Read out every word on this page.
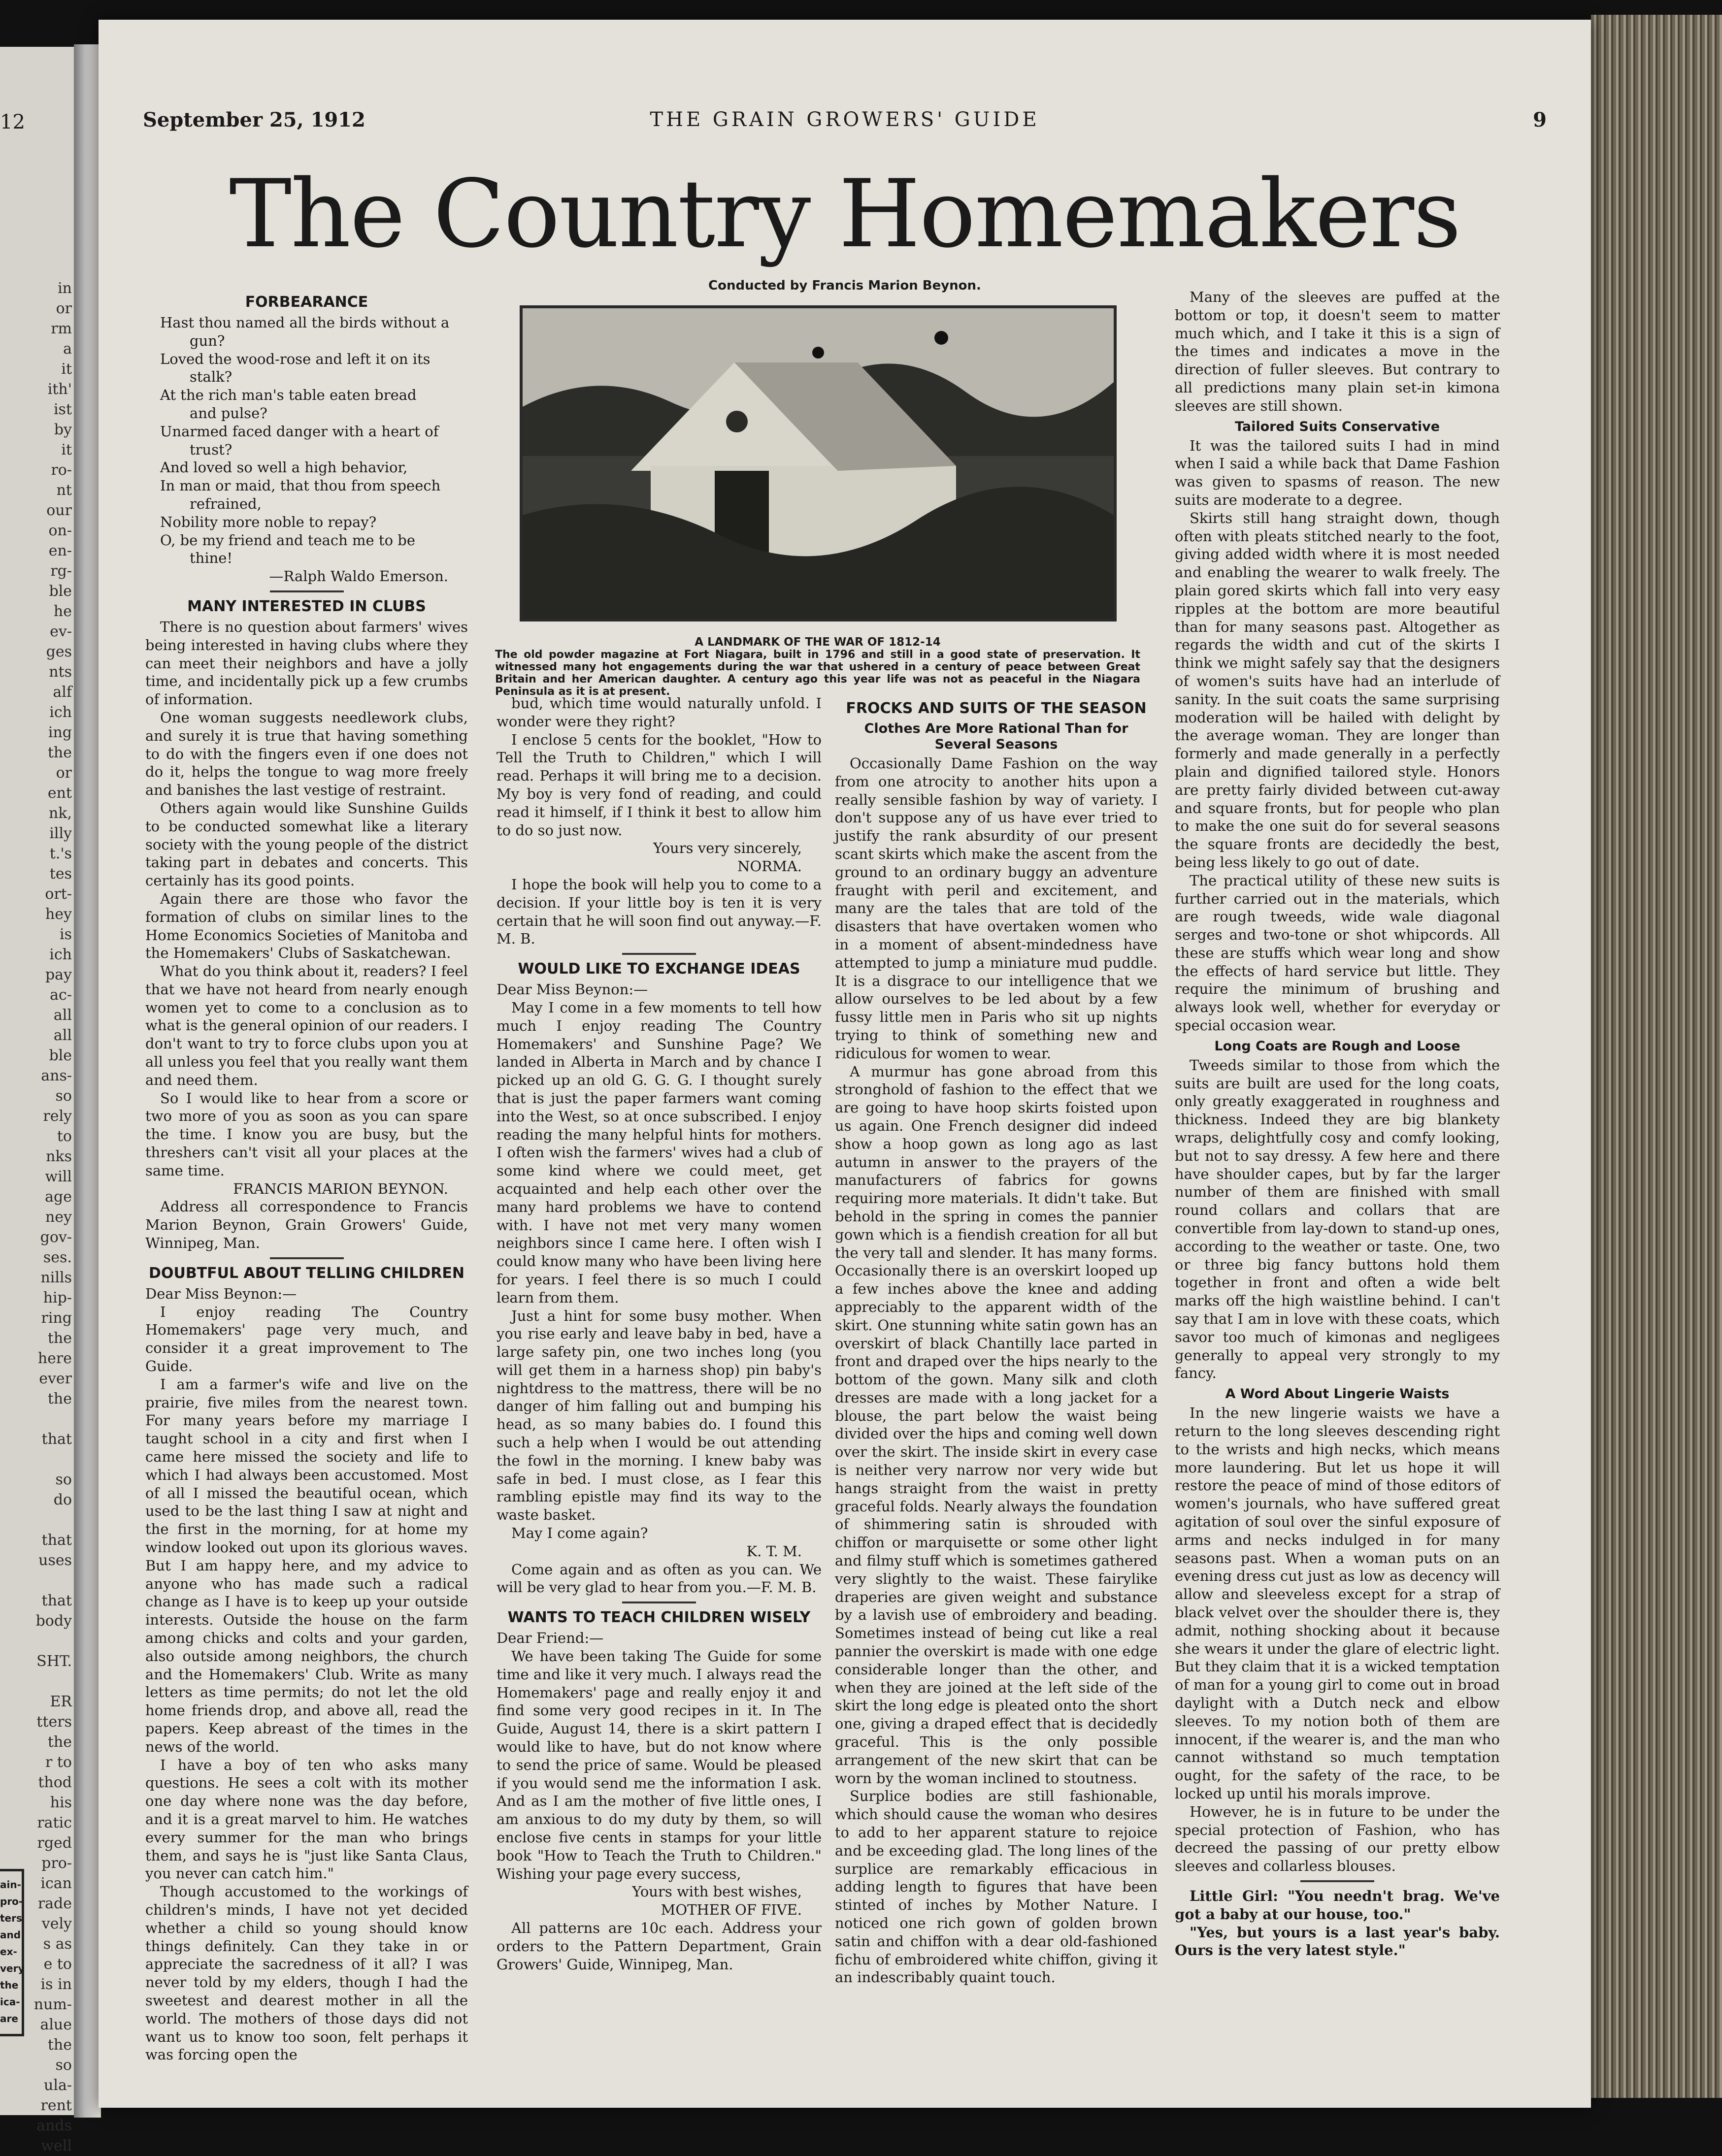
12
in
or
rm
a
it
ith'
ist
by
it
ro-
nt
our
on-
en-
rg-
ble
he
ev-
ges
nts
alf
ich
ing
the
or
ent
nk,
illy
t.'s
tes
ort-
hey
is
ich
pay
ac-
all
all
ble
ans-
so
rely
to
nks
will
age
ney
gov-
ses.
nills
hip-
ring
the
here
ever
the

that

so
do

that
uses

that
body

SHT.

ER
tters
the
r to
thod
his
ratic
rged
pro-
ican
rade
vely
s as
e to
is in
num-
alue
the
so
ula-
rent
ands
well
ain-
pro-
ters
and
ex-
very
the
ica-
are
THE GRAIN GROWERS' GUIDE
September 25, 1912	9
The Country Homemakers
Conducted by Francis Marion Beynon.
FORBEARANCE

Hast thou named all the birds without a

gun?

Loved the wood-rose and left it on its

stalk?

At the rich man's table eaten bread

and pulse?

Unarmed faced danger with a heart of

trust?

And loved so well a high behavior,

In man or maid, that thou from speech

refrained,

Nobility more noble to repay?

O, be my friend and teach me to be

thine!

—Ralph Waldo Emerson.

MANY INTERESTED IN CLUBS

There is no question about farmers' wives being interested in having clubs where they can meet their neighbors and have a jolly time, and incidentally pick up a few crumbs of information.

One woman suggests needlework clubs, and surely it is true that having something to do with the fingers even if one does not do it, helps the tongue to wag more freely and banishes the last vestige of restraint.

Others again would like Sunshine Guilds to be conducted somewhat like a literary society with the young people of the district taking part in debates and concerts. This certainly has its good points.

Again there are those who favor the formation of clubs on similar lines to the Home Economics Societies of Manitoba and the Homemakers' Clubs of Saskatchewan.

What do you think about it, readers? I feel that we have not heard from nearly enough women yet to come to a conclusion as to what is the general opinion of our readers. I don't want to try to force clubs upon you at all unless you feel that you really want them and need them.

So I would like to hear from a score or two more of you as soon as you can spare the time. I know you are busy, but the threshers can't visit all your places at the same time.

FRANCIS MARION BEYNON.

Address all correspondence to Francis Marion Beynon, Grain Growers' Guide, Winnipeg, Man.

DOUBTFUL ABOUT TELLING CHILDREN

Dear Miss Beynon:—

I enjoy reading The Country Homemakers' page very much, and consider it a great improvement to The Guide.

I am a farmer's wife and live on the prairie, five miles from the nearest town. For many years before my marriage I taught school in a city and first when I came here missed the society and life to which I had always been accustomed. Most of all I missed the beautiful ocean, which used to be the last thing I saw at night and the first in the morning, for at home my window looked out upon its glorious waves. But I am happy here, and my advice to anyone who has made such a radical change as I have is to keep up your outside interests. Outside the house on the farm among chicks and colts and your garden, also outside among neighbors, the church and the Homemakers' Club. Write as many letters as time permits; do not let the old home friends drop, and above all, read the papers. Keep abreast of the times in the news of the world.

I have a boy of ten who asks many questions. He sees a colt with its mother one day where none was the day before, and it is a great marvel to him. He watches every summer for the man who brings them, and says he is "just like Santa Claus, you never can catch him."

Though accustomed to the workings of children's minds, I have not yet decided whether a child so young should know things definitely. Can they take in or appreciate the sacredness of it all? I was never told by my elders, though I had the sweetest and dearest mother in all the world. The mothers of those days did not want us to know too soon, felt perhaps it was forcing open the

A LANDMARK OF THE WAR OF 1812-14
The old powder magazine at Fort Niagara, built in 1796 and still in a good state of preservation. It witnessed many hot engagements during the war that ushered in a century of peace between Great Britain and her American daughter. A century ago this year life was not as peaceful in the Niagara Peninsula as it is at present.

bud, which time would naturally unfold. I wonder were they right?

I enclose 5 cents for the booklet, "How to Tell the Truth to Children," which I will read. Perhaps it will bring me to a decision. My boy is very fond of reading, and could read it himself, if I think it best to allow him to do so just now.

Yours very sincerely,

NORMA.

I hope the book will help you to come to a decision. If your little boy is ten it is very certain that he will soon find out anyway.—F. M. B.

WOULD LIKE TO EXCHANGE IDEAS

Dear Miss Beynon:—

May I come in a few moments to tell how much I enjoy reading The Country Homemakers' and Sunshine Page? We landed in Alberta in March and by chance I picked up an old G. G. G. I thought surely that is just the paper farmers want coming into the West, so at once subscribed. I enjoy reading the many helpful hints for mothers. I often wish the farmers' wives had a club of some kind where we could meet, get acquainted and help each other over the many hard problems we have to contend with. I have not met very many women neighbors since I came here. I often wish I could know many who have been living here for years. I feel there is so much I could learn from them.

Just a hint for some busy mother. When you rise early and leave baby in bed, have a large safety pin, one two inches long (you will get them in a harness shop) pin baby's nightdress to the mattress, there will be no danger of him falling out and bumping his head, as so many babies do. I found this such a help when I would be out attending the fowl in the morning. I knew baby was safe in bed. I must close, as I fear this rambling epistle may find its way to the waste basket.

May I come again?

K. T. M.

Come again and as often as you can. We will be very glad to hear from you.—F. M. B.

WANTS TO TEACH CHILDREN WISELY

Dear Friend:—

We have been taking The Guide for some time and like it very much. I always read the Homemakers' page and really enjoy it and find some very good recipes in it. In The Guide, August 14, there is a skirt pattern I would like to have, but do not know where to send the price of same. Would be pleased if you would send me the information I ask. And as I am the mother of five little ones, I am anxious to do my duty by them, so will enclose five cents in stamps for your little book "How to Teach the Truth to Children." Wishing your page every success,

Yours with best wishes,

MOTHER OF FIVE.

All patterns are 10c each. Address your orders to the Pattern Department, Grain Growers' Guide, Winnipeg, Man.

FROCKS AND SUITS OF THE SEASON
Clothes Are More Rational Than for Several Seasons

Occasionally Dame Fashion on the way from one atrocity to another hits upon a really sensible fashion by way of variety. I don't suppose any of us have ever tried to justify the rank absurdity of our present scant skirts which make the ascent from the ground to an ordinary buggy an adventure fraught with peril and excitement, and many are the tales that are told of the disasters that have overtaken women who in a moment of absent-mindedness have attempted to jump a miniature mud puddle. It is a disgrace to our intelligence that we allow ourselves to be led about by a few fussy little men in Paris who sit up nights trying to think of something new and ridiculous for women to wear.

A murmur has gone abroad from this stronghold of fashion to the effect that we are going to have hoop skirts foisted upon us again. One French designer did indeed show a hoop gown as long ago as last autumn in answer to the prayers of the manufacturers of fabrics for gowns requiring more materials. It didn't take. But behold in the spring in comes the pannier gown which is a fiendish creation for all but the very tall and slender. It has many forms. Occasionally there is an overskirt looped up a few inches above the knee and adding appreciably to the apparent width of the skirt. One stunning white satin gown has an overskirt of black Chantilly lace parted in front and draped over the hips nearly to the bottom of the gown. Many silk and cloth dresses are made with a long jacket for a blouse, the part below the waist being divided over the hips and coming well down over the skirt. The inside skirt in every case is neither very narrow nor very wide but hangs straight from the waist in pretty graceful folds. Nearly always the foundation of shimmering satin is shrouded with chiffon or marquisette or some other light and filmy stuff which is sometimes gathered very slightly to the waist. These fairylike draperies are given weight and substance by a lavish use of embroidery and beading. Sometimes instead of being cut like a real pannier the overskirt is made with one edge considerable longer than the other, and when they are joined at the left side of the skirt the long edge is pleated onto the short one, giving a draped effect that is decidedly graceful. This is the only possible arrangement of the new skirt that can be worn by the woman inclined to stoutness.

Surplice bodies are still fashionable, which should cause the woman who desires to add to her apparent stature to rejoice and be exceeding glad. The long lines of the surplice are remarkably efficacious in adding length to figures that have been stinted of inches by Mother Nature. I noticed one rich gown of golden brown satin and chiffon with a dear old-fashioned fichu of embroidered white chiffon, giving it an indescribably quaint touch.

Many of the sleeves are puffed at the bottom or top, it doesn't seem to matter much which, and I take it this is a sign of the times and indicates a move in the direction of fuller sleeves. But contrary to all predictions many plain set-in kimona sleeves are still shown.

Tailored Suits Conservative

It was the tailored suits I had in mind when I said a while back that Dame Fashion was given to spasms of reason. The new suits are moderate to a degree.

Skirts still hang straight down, though often with pleats stitched nearly to the foot, giving added width where it is most needed and enabling the wearer to walk freely. The plain gored skirts which fall into very easy ripples at the bottom are more beautiful than for many seasons past. Altogether as regards the width and cut of the skirts I think we might safely say that the designers of women's suits have had an interlude of sanity. In the suit coats the same surprising moderation will be hailed with delight by the average woman. They are longer than formerly and made generally in a perfectly plain and dignified tailored style. Honors are pretty fairly divided between cut-away and square fronts, but for people who plan to make the one suit do for several seasons the square fronts are decidedly the best, being less likely to go out of date.

The practical utility of these new suits is further carried out in the materials, which are rough tweeds, wide wale diagonal serges and two-tone or shot whipcords. All these are stuffs which wear long and show the effects of hard service but little. They require the minimum of brushing and always look well, whether for everyday or special occasion wear.

Long Coats are Rough and Loose

Tweeds similar to those from which the suits are built are used for the long coats, only greatly exaggerated in roughness and thickness. Indeed they are big blankety wraps, delightfully cosy and comfy looking, but not to say dressy. A few here and there have shoulder capes, but by far the larger number of them are finished with small round collars and collars that are convertible from lay-down to stand-up ones, according to the weather or taste. One, two or three big fancy buttons hold them together in front and often a wide belt marks off the high waistline behind. I can't say that I am in love with these coats, which savor too much of kimonas and negligees generally to appeal very strongly to my fancy.

A Word About Lingerie Waists

In the new lingerie waists we have a return to the long sleeves descending right to the wrists and high necks, which means more laundering. But let us hope it will restore the peace of mind of those editors of women's journals, who have suffered great agitation of soul over the sinful exposure of arms and necks indulged in for many seasons past. When a woman puts on an evening dress cut just as low as decency will allow and sleeveless except for a strap of black velvet over the shoulder there is, they admit, nothing shocking about it because she wears it under the glare of electric light. But they claim that it is a wicked temptation of man for a young girl to come out in broad daylight with a Dutch neck and elbow sleeves. To my notion both of them are innocent, if the wearer is, and the man who cannot withstand so much temptation ought, for the safety of the race, to be locked up until his morals improve.

However, he is in future to be under the special protection of Fashion, who has decreed the passing of our pretty elbow sleeves and collarless blouses.

Little Girl: "You needn't brag. We've got a baby at our house, too."

"Yes, but yours is a last year's baby. Ours is the very latest style."
